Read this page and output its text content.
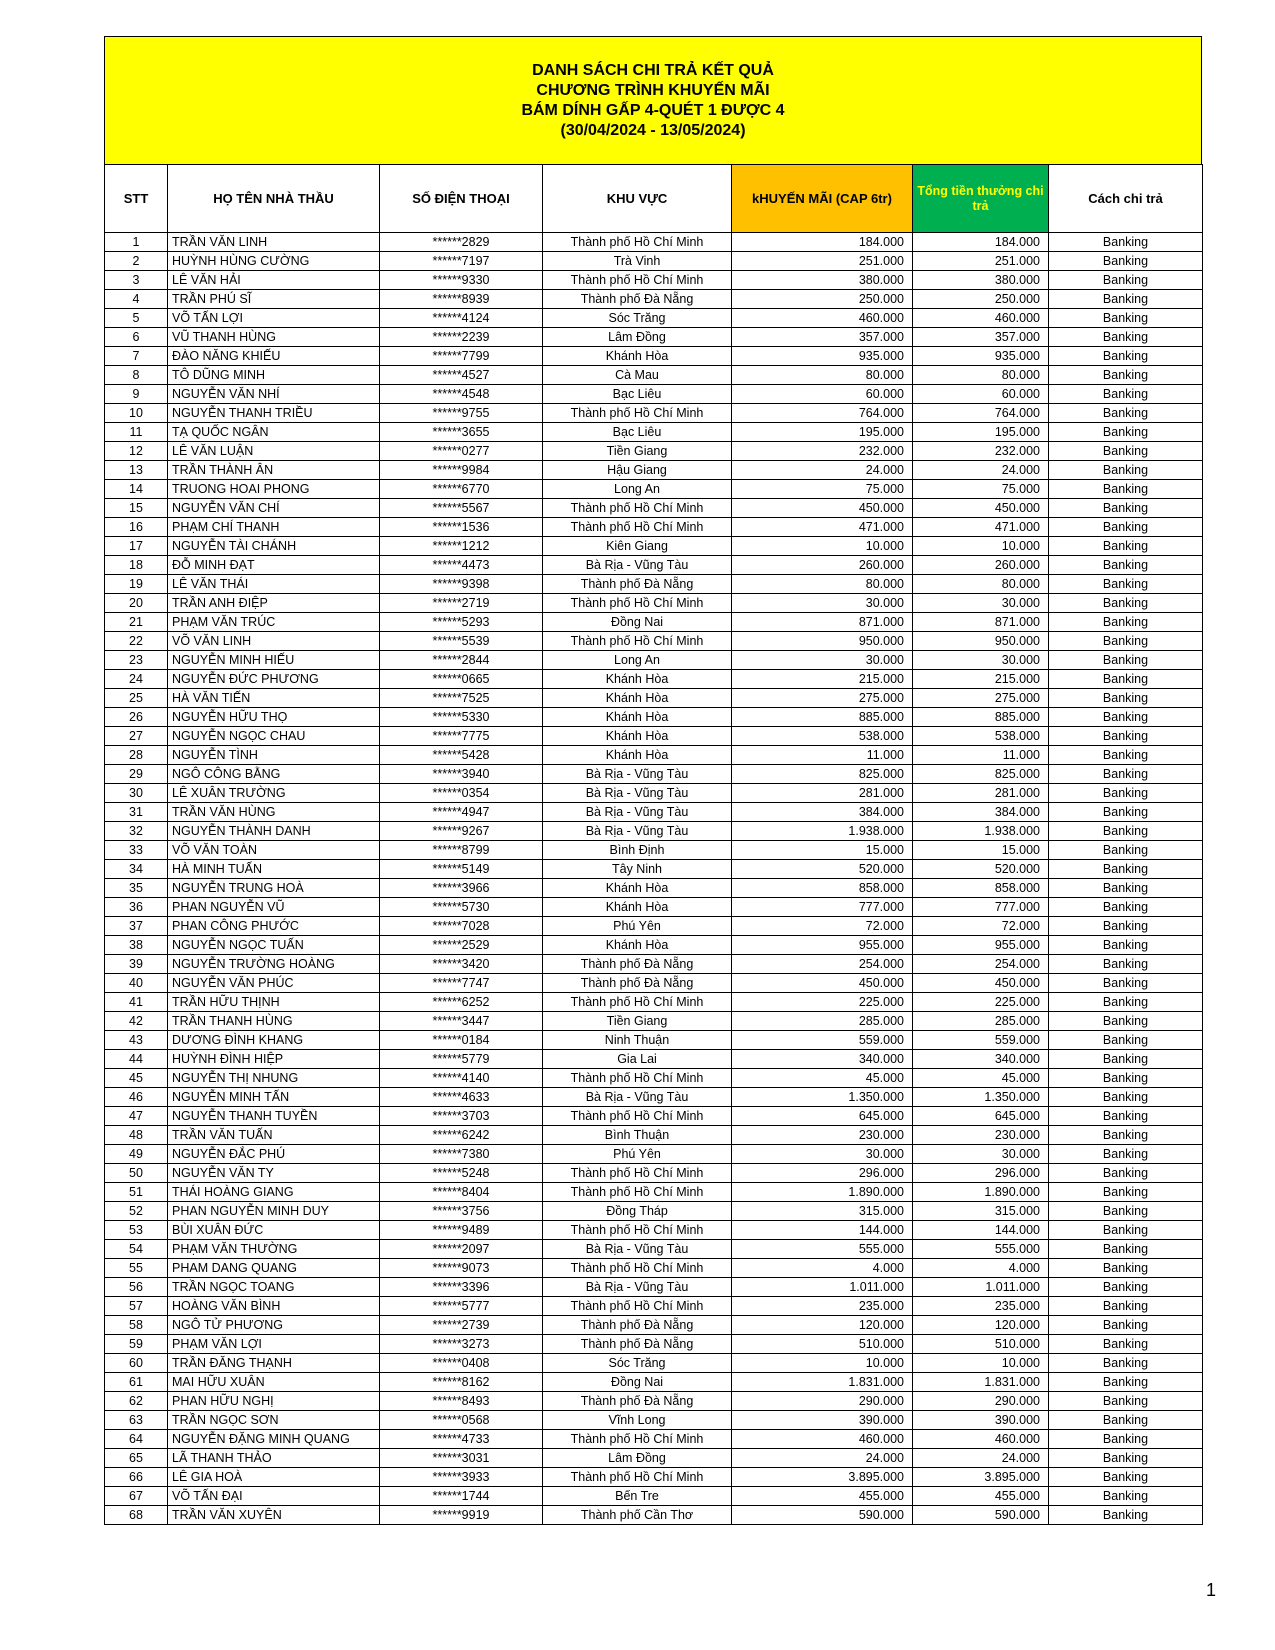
DANH SÁCH CHI TRẢ KẾT QUẢ
CHƯƠNG TRÌNH KHUYẾN MÃI
BÁM DÍNH GẤP 4-QUÉT 1 ĐƯỢC 4
(30/04/2024 - 13/05/2024)
STT	HỌ TÊN NHÀ THẦU	SỐ ĐIỆN THOẠI	KHU VỰC	kHUYẾN MÃI (CAP 6tr)	Tổng tiền thưởng chi trả	Cách chi trả
1	TRẦN VĂN LINH	******2829	Thành phố Hồ Chí Minh	184.000	184.000	Banking
2	HUỲNH HÙNG CƯỜNG	******7197	Trà Vinh	251.000	251.000	Banking
3	LÊ VĂN HẢI	******9330	Thành phố Hồ Chí Minh	380.000	380.000	Banking
4	TRẦN PHÚ SĨ	******8939	Thành phố Đà Nẵng	250.000	250.000	Banking
5	VÕ TẤN LỢI	******4124	Sóc Trăng	460.000	460.000	Banking
6	VŨ THANH HÙNG	******2239	Lâm Đồng	357.000	357.000	Banking
7	ĐÀO NĂNG KHIẾU	******7799	Khánh Hòa	935.000	935.000	Banking
8	TÔ DŨNG MINH	******4527	Cà Mau	80.000	80.000	Banking
9	NGUYỄN VĂN NHÍ	******4548	Bạc Liêu	60.000	60.000	Banking
10	NGUYỄN THANH TRIỀU	******9755	Thành phố Hồ Chí Minh	764.000	764.000	Banking
11	TẠ QUỐC NGÂN	******3655	Bạc Liêu	195.000	195.000	Banking
12	LÊ VĂN LUẬN	******0277	Tiền Giang	232.000	232.000	Banking
13	TRẦN THÀNH ÂN	******9984	Hậu Giang	24.000	24.000	Banking
14	TRUONG HOAI PHONG	******6770	Long An	75.000	75.000	Banking
15	NGUYỄN VĂN CHÍ	******5567	Thành phố Hồ Chí Minh	450.000	450.000	Banking
16	PHẠM CHÍ THANH	******1536	Thành phố Hồ Chí Minh	471.000	471.000	Banking
17	NGUYỄN TÀI CHÁNH	******1212	Kiên Giang	10.000	10.000	Banking
18	ĐỖ MINH ĐẠT	******4473	Bà Rịa - Vũng Tàu	260.000	260.000	Banking
19	LÊ VĂN THÁI	******9398	Thành phố Đà Nẵng	80.000	80.000	Banking
20	TRẦN ANH ĐIỆP	******2719	Thành phố Hồ Chí Minh	30.000	30.000	Banking
21	PHẠM VĂN TRÚC	******5293	Đồng Nai	871.000	871.000	Banking
22	VÕ VĂN LINH	******5539	Thành phố Hồ Chí Minh	950.000	950.000	Banking
23	NGUYỄN MINH HIẾU	******2844	Long An	30.000	30.000	Banking
24	NGUYỄN ĐỨC PHƯƠNG	******0665	Khánh Hòa	215.000	215.000	Banking
25	HÀ VĂN TIẾN	******7525	Khánh Hòa	275.000	275.000	Banking
26	NGUYỄN HỮU THỌ	******5330	Khánh Hòa	885.000	885.000	Banking
27	NGUYỄN NGỌC CHAU	******7775	Khánh Hòa	538.000	538.000	Banking
28	NGUYỄN TÌNH	******5428	Khánh Hòa	11.000	11.000	Banking
29	NGÔ CÔNG BẰNG	******3940	Bà Rịa - Vũng Tàu	825.000	825.000	Banking
30	LÊ XUÂN TRƯỜNG	******0354	Bà Rịa - Vũng Tàu	281.000	281.000	Banking
31	TRẦN VĂN HÙNG	******4947	Bà Rịa - Vũng Tàu	384.000	384.000	Banking
32	NGUYỄN THÀNH DANH	******9267	Bà Rịa - Vũng Tàu	1.938.000	1.938.000	Banking
33	VÕ VĂN TOÀN	******8799	Bình Định	15.000	15.000	Banking
34	HÀ MINH TUẤN	******5149	Tây Ninh	520.000	520.000	Banking
35	NGUYỄN TRUNG HOÀ	******3966	Khánh Hòa	858.000	858.000	Banking
36	PHAN NGUYỄN VŨ	******5730	Khánh Hòa	777.000	777.000	Banking
37	PHAN CÔNG PHƯỚC	******7028	Phú Yên	72.000	72.000	Banking
38	NGUYỄN NGỌC TUẤN	******2529	Khánh Hòa	955.000	955.000	Banking
39	NGUYỄN TRƯỜNG HOÀNG	******3420	Thành phố Đà Nẵng	254.000	254.000	Banking
40	NGUYỄN VĂN PHÚC	******7747	Thành phố Đà Nẵng	450.000	450.000	Banking
41	TRẦN HỮU THỊNH	******6252	Thành phố Hồ Chí Minh	225.000	225.000	Banking
42	TRẦN THANH HÙNG	******3447	Tiền Giang	285.000	285.000	Banking
43	DƯƠNG ĐÌNH KHANG	******0184	Ninh Thuận	559.000	559.000	Banking
44	HUỲNH ĐÌNH HIỆP	******5779	Gia Lai	340.000	340.000	Banking
45	NGUYỄN THỊ NHUNG	******4140	Thành phố Hồ Chí Minh	45.000	45.000	Banking
46	NGUYỄN MINH TẤN	******4633	Bà Rịa - Vũng Tàu	1.350.000	1.350.000	Banking
47	NGUYỄN THANH TUYỀN	******3703	Thành phố Hồ Chí Minh	645.000	645.000	Banking
48	TRẦN VĂN TUẤN	******6242	Bình Thuận	230.000	230.000	Banking
49	NGUYỄN ĐẮC PHÚ	******7380	Phú Yên	30.000	30.000	Banking
50	NGUYỄN VĂN TY	******5248	Thành phố Hồ Chí Minh	296.000	296.000	Banking
51	THÁI HOÀNG GIANG	******8404	Thành phố Hồ Chí Minh	1.890.000	1.890.000	Banking
52	PHAN NGUYỄN MINH DUY	******3756	Đồng Tháp	315.000	315.000	Banking
53	BÙI XUÂN ĐỨC	******9489	Thành phố Hồ Chí Minh	144.000	144.000	Banking
54	PHẠM VĂN THƯỜNG	******2097	Bà Rịa - Vũng Tàu	555.000	555.000	Banking
55	PHAM DANG QUANG	******9073	Thành phố Hồ Chí Minh	4.000	4.000	Banking
56	TRẦN NGỌC TOANG	******3396	Bà Rịa - Vũng Tàu	1.011.000	1.011.000	Banking
57	HOÀNG VĂN BÌNH	******5777	Thành phố Hồ Chí Minh	235.000	235.000	Banking
58	NGÔ TỬ PHƯƠNG	******2739	Thành phố Đà Nẵng	120.000	120.000	Banking
59	PHẠM VĂN LỢI	******3273	Thành phố Đà Nẵng	510.000	510.000	Banking
60	TRẦN ĐĂNG THẠNH	******0408	Sóc Trăng	10.000	10.000	Banking
61	MAI HỮU XUÂN	******8162	Đồng Nai	1.831.000	1.831.000	Banking
62	PHAN HỮU NGHỊ	******8493	Thành phố Đà Nẵng	290.000	290.000	Banking
63	TRẦN NGỌC SƠN	******0568	Vĩnh Long	390.000	390.000	Banking
64	NGUYỄN ĐẶNG MINH QUANG	******4733	Thành phố Hồ Chí Minh	460.000	460.000	Banking
65	LÃ THANH THẢO	******3031	Lâm Đồng	24.000	24.000	Banking
66	LÊ GIA HOÀ	******3933	Thành phố Hồ Chí Minh	3.895.000	3.895.000	Banking
67	VÕ TẤN ĐẠI	******1744	Bến Tre	455.000	455.000	Banking
68	TRẦN VĂN XUYÊN	******9919	Thành phố Cần Thơ	590.000	590.000	Banking
1
